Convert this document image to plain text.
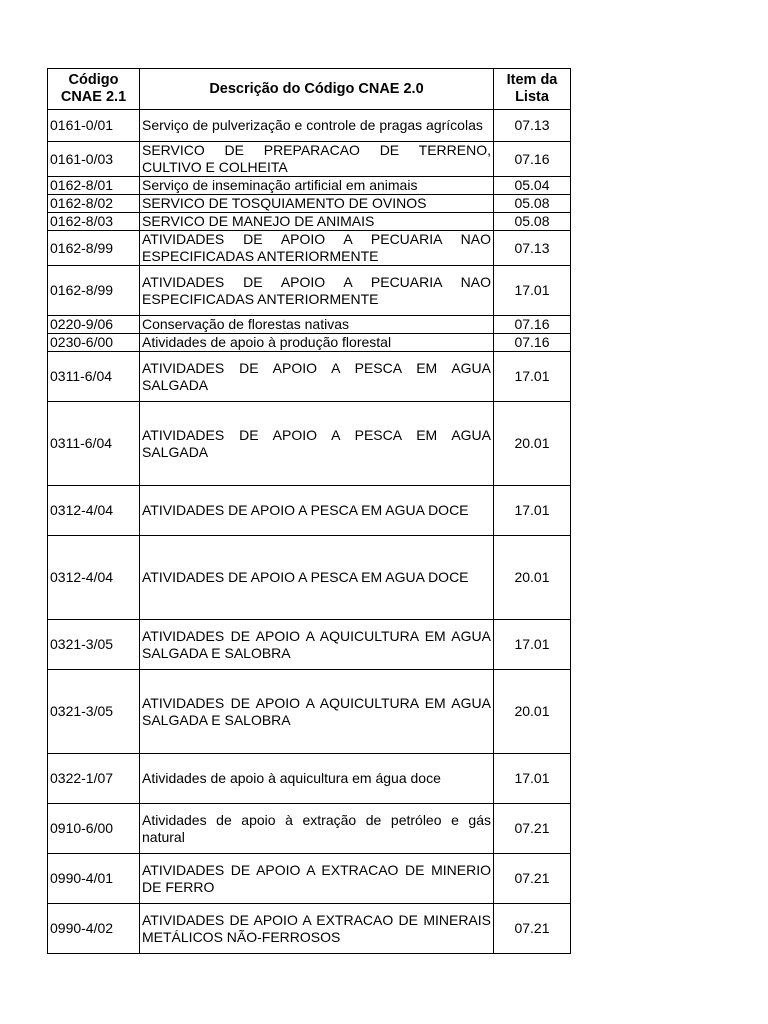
Código CNAE 2.1	Descrição do Código CNAE 2.0	Item da Lista
0161-0/01	Serviço de pulverização e controle de pragas agrícolas	07.13
0161-0/03	SERVICO DE PREPARACAO DE TERRENO, CULTIVO E COLHEITA	07.16
0162-8/01	Serviço de inseminação artificial em animais	05.04
0162-8/02	SERVICO DE TOSQUIAMENTO DE OVINOS	05.08
0162-8/03	SERVICO DE MANEJO DE ANIMAIS	05.08
0162-8/99	ATIVIDADES DE APOIO A PECUARIA NAO ESPECIFICADAS ANTERIORMENTE	07.13
0162-8/99	ATIVIDADES DE APOIO A PECUARIA NAO ESPECIFICADAS ANTERIORMENTE	17.01
0220-9/06	Conservação de florestas nativas	07.16
0230-6/00	Atividades de apoio à produção florestal	07.16
0311-6/04	ATIVIDADES DE APOIO A PESCA EM AGUA SALGADA	17.01
0311-6/04	ATIVIDADES DE APOIO A PESCA EM AGUA SALGADA	20.01
0312-4/04	ATIVIDADES DE APOIO A PESCA EM AGUA DOCE	17.01
0312-4/04	ATIVIDADES DE APOIO A PESCA EM AGUA DOCE	20.01
0321-3/05	ATIVIDADES DE APOIO A AQUICULTURA EM AGUA SALGADA E SALOBRA	17.01
0321-3/05	ATIVIDADES DE APOIO A AQUICULTURA EM AGUA SALGADA E SALOBRA	20.01
0322-1/07	Atividades de apoio à aquicultura em água doce	17.01
0910-6/00	Atividades de apoio à extração de petróleo e gás natural	07.21
0990-4/01	ATIVIDADES DE APOIO A EXTRACAO DE MINERIO DE FERRO	07.21
0990-4/02	ATIVIDADES DE APOIO A EXTRACAO DE MINERAIS METÁLICOS NÃO-FERROSOS	07.21
